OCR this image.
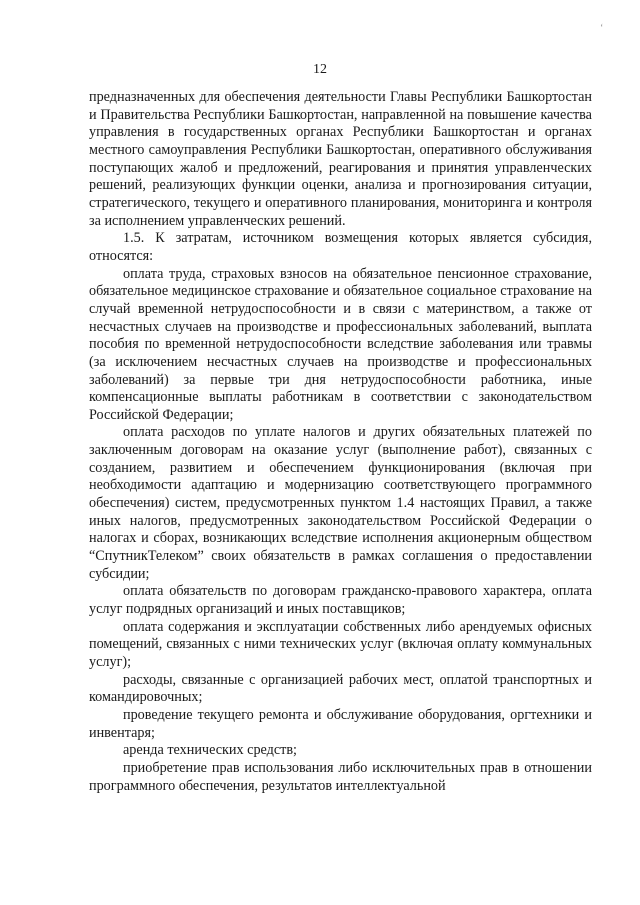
‘
12

предназначенных для обеспечения деятельности Главы Республики Башкортостан и Правительства Республики Башкортостан, направленной на повышение качества управления в государственных органах Республики Башкортостан и органах местного самоуправления Республики Башкортостан, оперативного обслуживания поступающих жалоб и предложений, реагирования и принятия управленческих решений, реализующих функции оценки, анализа и прогнозирования ситуации, стратегического, текущего и оперативного планирования, мониторинга и контроля за исполнением управленческих решений.

1.5. К затратам, источником возмещения которых является субсидия, относятся:

оплата труда, страховых взносов на обязательное пенсионное страхование, обязательное медицинское страхование и обязательное социальное страхование на случай временной нетрудоспособности и в связи с материнством, а также от несчастных случаев на производстве и профессиональных заболеваний, выплата пособия по временной нетрудоспособности вследствие заболевания или травмы (за исключением несчастных случаев на производстве и профессиональных заболеваний) за первые три дня нетрудоспособности работника, иные компенсационные выплаты работникам в соответствии с законодательством Российской Федерации;

оплата расходов по уплате налогов и других обязательных платежей по заключенным договорам на оказание услуг (выполнение работ), связанных с созданием, развитием и обеспечением функционирования (включая при необходимости адаптацию и модернизацию соответствующего программного обеспечения) систем, предусмотренных пунктом 1.4 настоящих Правил, а также иных налогов, предусмотренных законодательством Российской Федерации о налогах и сборах, возникающих вследствие исполнения акционерным обществом “СпутникТелеком” своих обязательств в рамках соглашения о предоставлении субсидии;

оплата обязательств по договорам гражданско-правового характера, оплата услуг подрядных организаций и иных поставщиков;

оплата содержания и эксплуатации собственных либо арендуемых офисных помещений, связанных с ними технических услуг (включая оплату коммунальных услуг);

расходы, связанные с организацией рабочих мест, оплатой транспортных и командировочных;

проведение текущего ремонта и обслуживание оборудования, оргтехники и инвентаря;

аренда технических средств;

приобретение прав использования либо исключительных прав в отношении программного обеспечения, результатов интеллектуальной
